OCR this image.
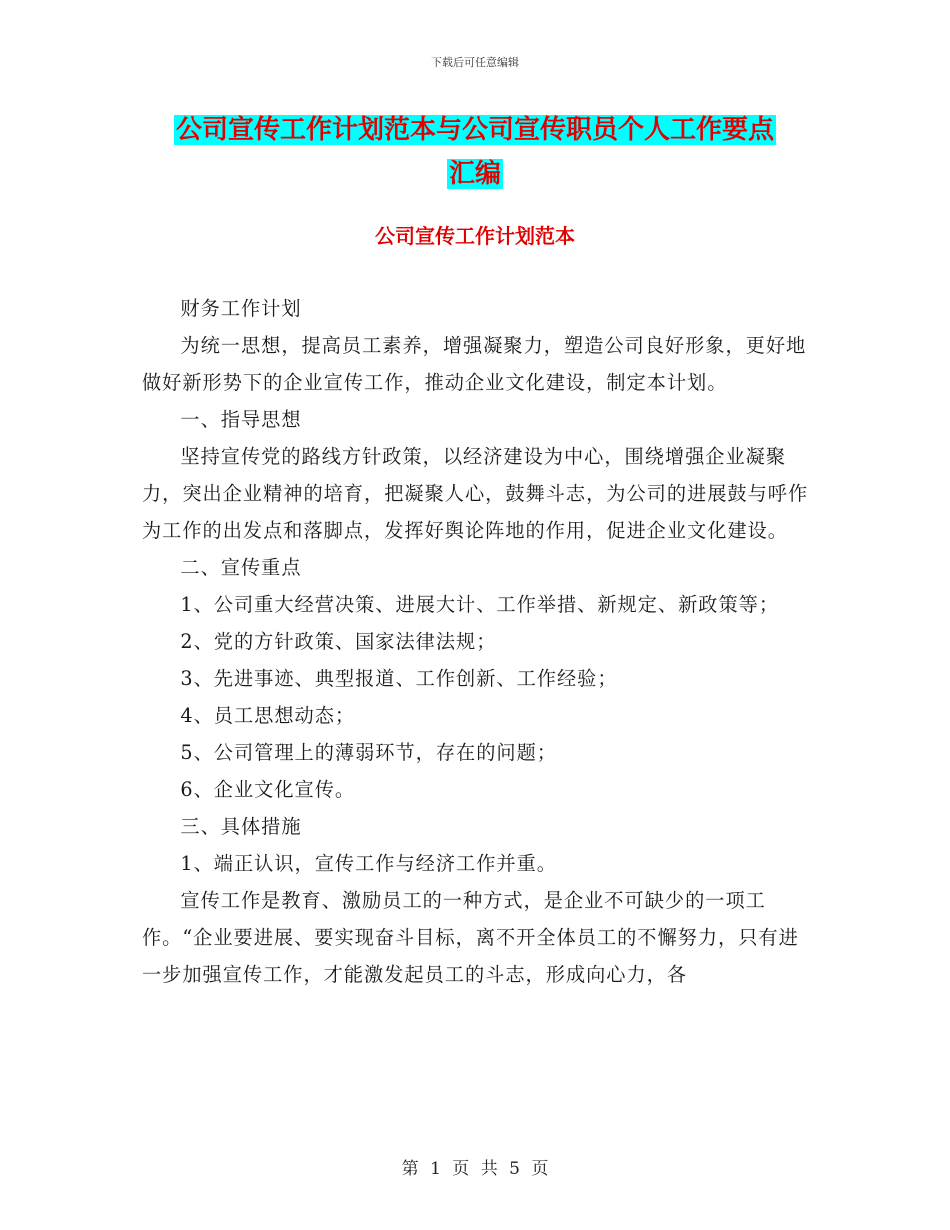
下载后可任意编辑
公司宣传工作计划范本与公司宣传职员个人工作要点
汇编
公司宣传工作计划范本

财务工作计划

为统一思想，提高员工素养，增强凝聚力，塑造公司良好形象，更好地做好新形势下的企业宣传工作，推动企业文化建设，制定本计划。

一、指导思想

坚持宣传党的路线方针政策，以经济建设为中心，围绕增强企业凝聚力，突出企业精神的培育，把凝聚人心，鼓舞斗志，为公司的进展鼓与呼作为工作的出发点和落脚点，发挥好舆论阵地的作用，促进企业文化建设。

二、宣传重点

1、公司重大经营决策、进展大计、工作举措、新规定、新政策等；

2、党的方针政策、国家法律法规；

3、先进事迹、典型报道、工作创新、工作经验；

4、员工思想动态；

5、公司管理上的薄弱环节，存在的问题；

6、企业文化宣传。

三、具体措施

1、端正认识，宣传工作与经济工作并重。

宣传工作是教育、激励员工的一种方式，是企业不可缺少的一项工作。“企业要进展、要实现奋斗目标，离不开全体员工的不懈努力，只有进一步加强宣传工作，才能激发起员工的斗志，形成向心力，各

第 1 页 共 5 页
